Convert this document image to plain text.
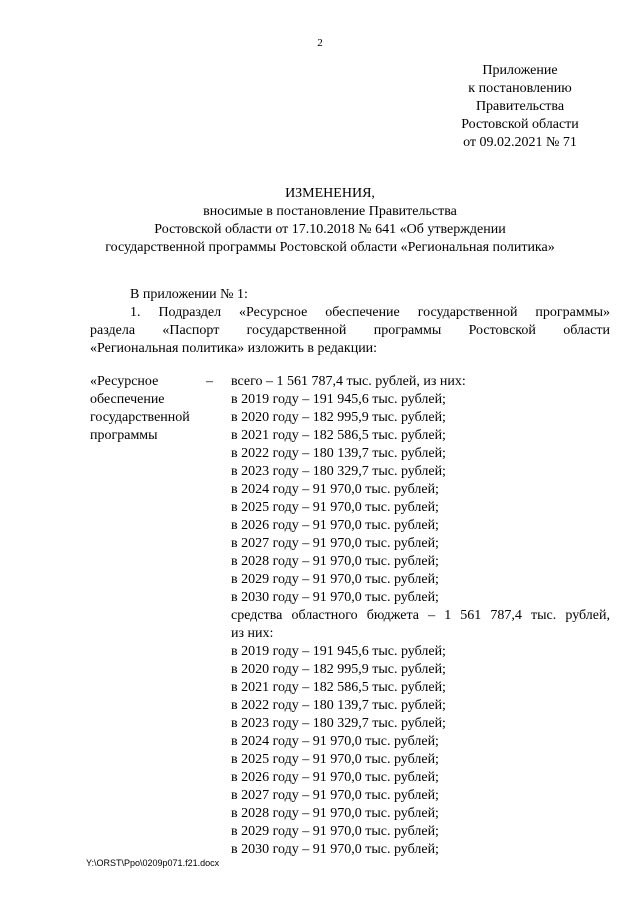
2
Приложение
к постановлению
Правительства
Ростовской области
от 09.02.2021 № 71
ИЗМЕНЕНИЯ,
вносимые в постановление Правительства
Ростовской области от 17.10.2018 № 641 «Об утверждении
государственной программы Ростовской области «Региональная политика»

В приложении № 1:

1. Подраздел «Ресурсное обеспечение государственной программы»

раздела «Паспорт государственной программы Ростовской области

«Региональная политика» изложить в редакции:

«Ресурсное
обеспечение
государственной
программы
–	всего – 1 561 787,4 тыс. рублей, из них:
в 2019 году – 191 945,6 тыс. рублей;
в 2020 году – 182 995,9 тыс. рублей;
в 2021 году – 182 586,5 тыс. рублей;
в 2022 году – 180 139,7 тыс. рублей;
в 2023 году – 180 329,7 тыс. рублей;
в 2024 году – 91 970,0 тыс. рублей;
в 2025 году – 91 970,0 тыс. рублей;
в 2026 году – 91 970,0 тыс. рублей;
в 2027 году – 91 970,0 тыс. рублей;
в 2028 году – 91 970,0 тыс. рублей;
в 2029 году – 91 970,0 тыс. рублей;
в 2030 году – 91 970,0 тыс. рублей;
средства областного бюджета – 1 561 787,4 тыс. рублей,
из них:
в 2019 году – 191 945,6 тыс. рублей;
в 2020 году – 182 995,9 тыс. рублей;
в 2021 году – 182 586,5 тыс. рублей;
в 2022 году – 180 139,7 тыс. рублей;
в 2023 году – 180 329,7 тыс. рублей;
в 2024 году – 91 970,0 тыс. рублей;
в 2025 году – 91 970,0 тыс. рублей;
в 2026 году – 91 970,0 тыс. рублей;
в 2027 году – 91 970,0 тыс. рублей;
в 2028 году – 91 970,0 тыс. рублей;
в 2029 году – 91 970,0 тыс. рублей;
в 2030 году – 91 970,0 тыс. рублей;
Y:\ORST\Ppo\0209p071.f21.docx
